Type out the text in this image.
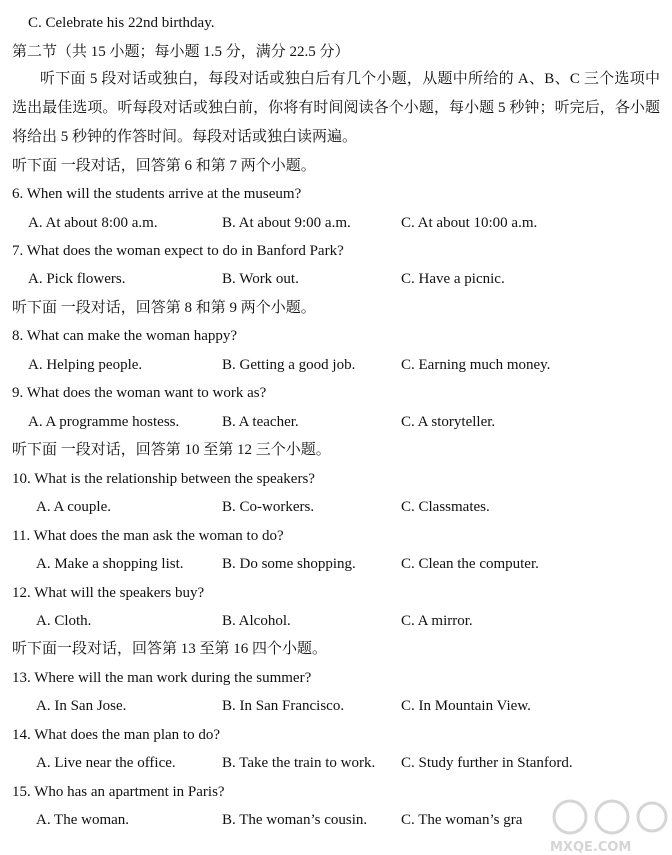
C. Celebrate his 22nd birthday.
第二节（共 15 小题；每小题 1.5 分，满分 22.5 分）
听下面 5 段对话或独白，每段对话或独白后有几个小题，从题中所给的 A、B、C 三个选项中选出最佳选项。听每段对话或独白前，你将有时间阅读各个小题，每小题 5 秒钟；听完后，各小题将给出 5 秒钟的作答时间。每段对话或独白读两遍。
听下面 一段对话，回答第 6 和第 7 两个小题。
6. When will the students arrive at the museum?
A. At about 8:00 a.m.	B. At about 9:00 a.m.	C. At about 10:00 a.m.
7. What does the woman expect to do in Banford Park?
A. Pick flowers.	B. Work out.	C. Have a picnic.
听下面 一段对话，回答第 8 和第 9 两个小题。
8. What can make the woman happy?
A. Helping people.	B. Getting a good job.	C. Earning much money.
9. What does the woman want to work as?
A. A programme hostess.	B. A teacher.	C. A storyteller.
听下面 一段对话，回答第 10 至第 12 三个小题。
10. What is the relationship between the speakers?
A. A couple.	B. Co-workers.	C. Classmates.
11. What does the man ask the woman to do?
A. Make a shopping list.	B. Do some shopping.	C. Clean the computer.
12. What will the speakers buy?
A. Cloth.	B. Alcohol.	C. A mirror.
听下面一段对话，回答第 13 至第 16 四个小题。
13. Where will the man work during the summer?
A. In San Jose.	B. In San Francisco.	C. In Mountain View.
14. What does the man plan to do?
A. Live near the office.	B. Take the train to work. C. Study further in Stanford.
15. Who has an apartment in Paris?
A. The woman.	B. The woman’s cousin. C. The woman’s gra
MXQE.COM
